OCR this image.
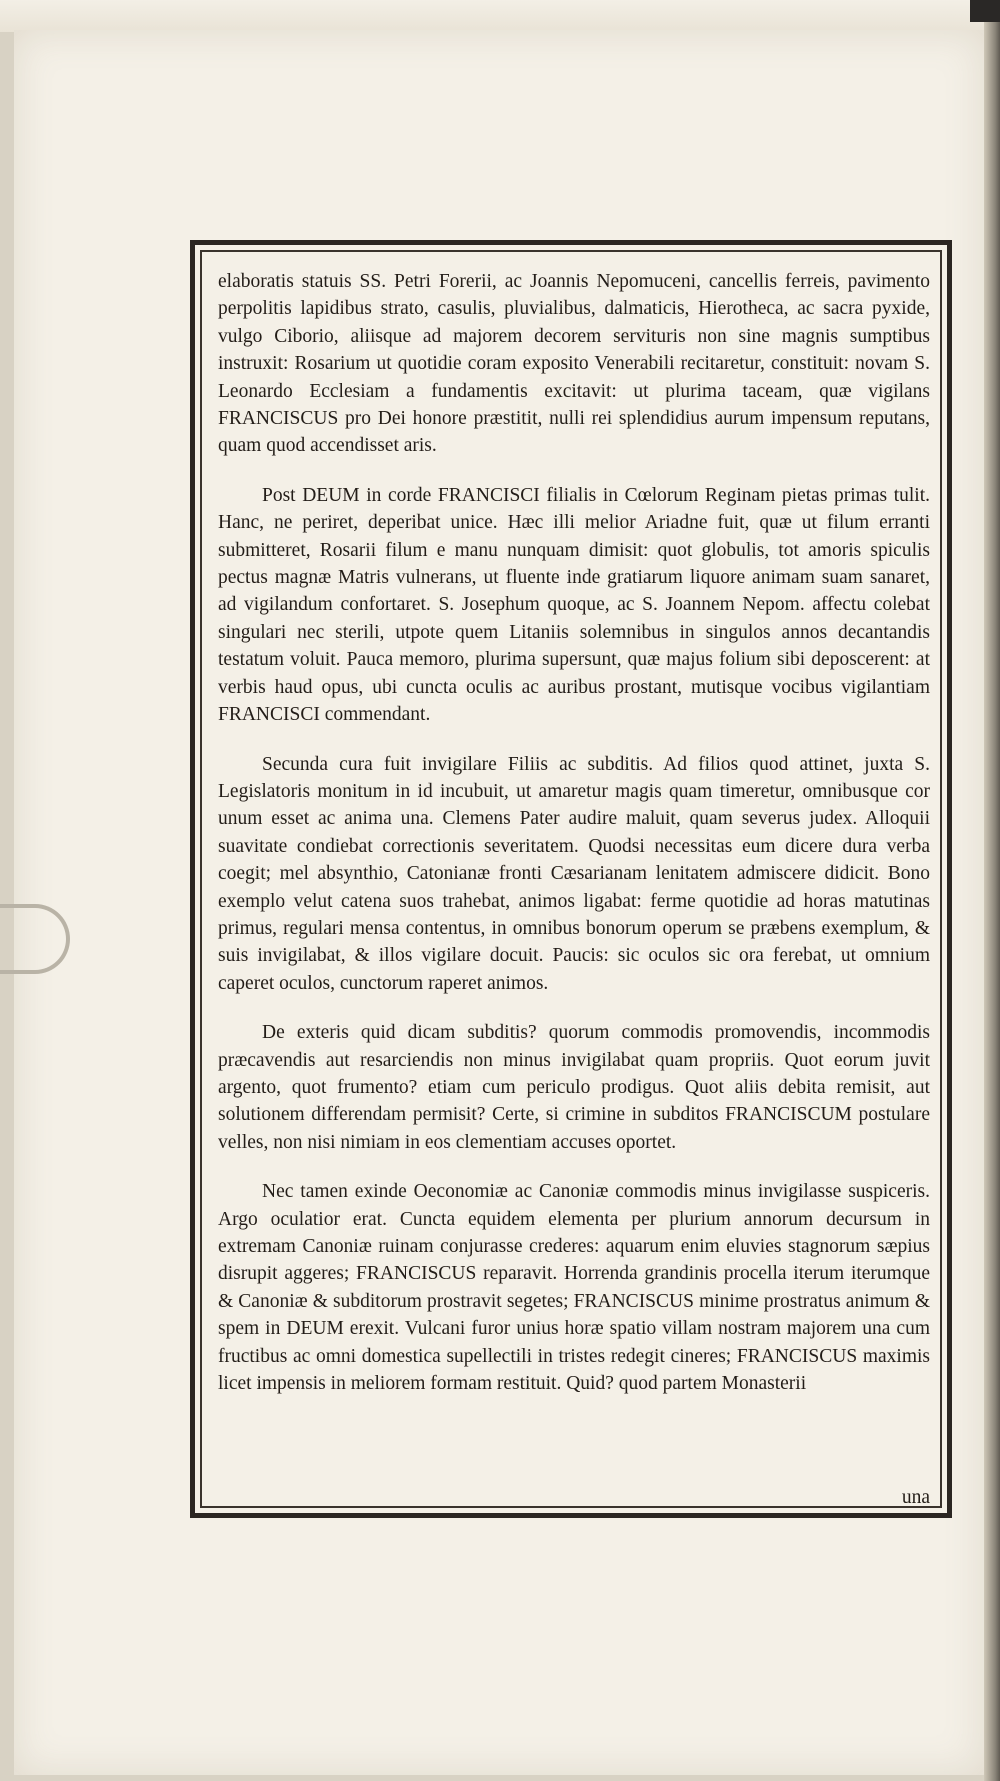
elaboratis statuis SS. Petri Forerii, ac Joannis Nepomuceni, cancellis ferreis, pavimento perpolitis lapidibus strato, casulis, pluvialibus, dalmaticis, Hierotheca, ac sacra pyxide, vulgo Ciborio, aliisque ad majorem decorem servituris non sine magnis sumptibus instruxit: Rosarium ut quotidie coram exposito Venerabili recitaretur, constituit: novam S. Leonardo Ecclesiam a fundamentis excitavit: ut plurima taceam, quæ vigilans FRANCISCUS pro Dei honore præstitit, nulli rei splendidius aurum impensum reputans, quam quod accendisset aris.

Post DEUM in corde FRANCISCI filialis in Cœlorum Reginam pietas primas tulit. Hanc, ne periret, deperibat unice. Hæc illi melior Ariadne fuit, quæ ut filum erranti submitteret, Rosarii filum e manu nunquam dimisit: quot globulis, tot amoris spiculis pectus magnæ Matris vulnerans, ut fluente inde gratiarum liquore animam suam sanaret, ad vigilandum confortaret. S. Josephum quoque, ac S. Joannem Nepom. affectu colebat singulari nec sterili, utpote quem Litaniis solemnibus in singulos annos decantandis testatum voluit. Pauca memoro, plurima supersunt, quæ majus folium sibi deposcerent: at verbis haud opus, ubi cuncta oculis ac auribus prostant, mutisque vocibus vigilantiam FRANCISCI commendant.

Secunda cura fuit invigilare Filiis ac subditis. Ad filios quod attinet, juxta S. Legislatoris monitum in id incubuit, ut amaretur magis quam timeretur, omnibusque cor unum esset ac anima una. Clemens Pater audire maluit, quam severus judex. Alloquii suavitate condiebat correctionis severitatem. Quodsi necessitas eum dicere dura verba coegit; mel absynthio, Catonianæ fronti Cæsarianam lenitatem admiscere didicit. Bono exemplo velut catena suos trahebat, animos ligabat: ferme quotidie ad horas matutinas primus, regulari mensa contentus, in omnibus bonorum operum se præbens exemplum, & suis invigilabat, & illos vigilare docuit. Paucis: sic oculos sic ora ferebat, ut omnium caperet oculos, cunctorum raperet animos.

De exteris quid dicam subditis? quorum commodis promovendis, incommodis præcavendis aut resarciendis non minus invigilabat quam propriis. Quot eorum juvit argento, quot frumento? etiam cum periculo prodigus. Quot aliis debita remisit, aut solutionem differendam permisit? Certe, si crimine in subditos FRANCISCUM postulare velles, non nisi nimiam in eos clementiam accuses oportet.

Nec tamen exinde Oeconomiæ ac Canoniæ commodis minus invigilasse suspiceris. Argo oculatior erat. Cuncta equidem elementa per plurium annorum decursum in extremam Canoniæ ruinam conjurasse crederes: aquarum enim eluvies stagnorum sæpius disrupit aggeres; FRANCISCUS reparavit. Horrenda grandinis procella iterum iterumque & Canoniæ & subditorum prostravit segetes; FRANCISCUS minime prostratus animum & spem in DEUM erexit. Vulcani furor unius horæ spatio villam nostram majorem una cum fructibus ac omni domestica supellectili in tristes redegit cineres; FRANCISCUS maximis licet impensis in meliorem formam restituit. Quid? quod partem Monasterii

una
